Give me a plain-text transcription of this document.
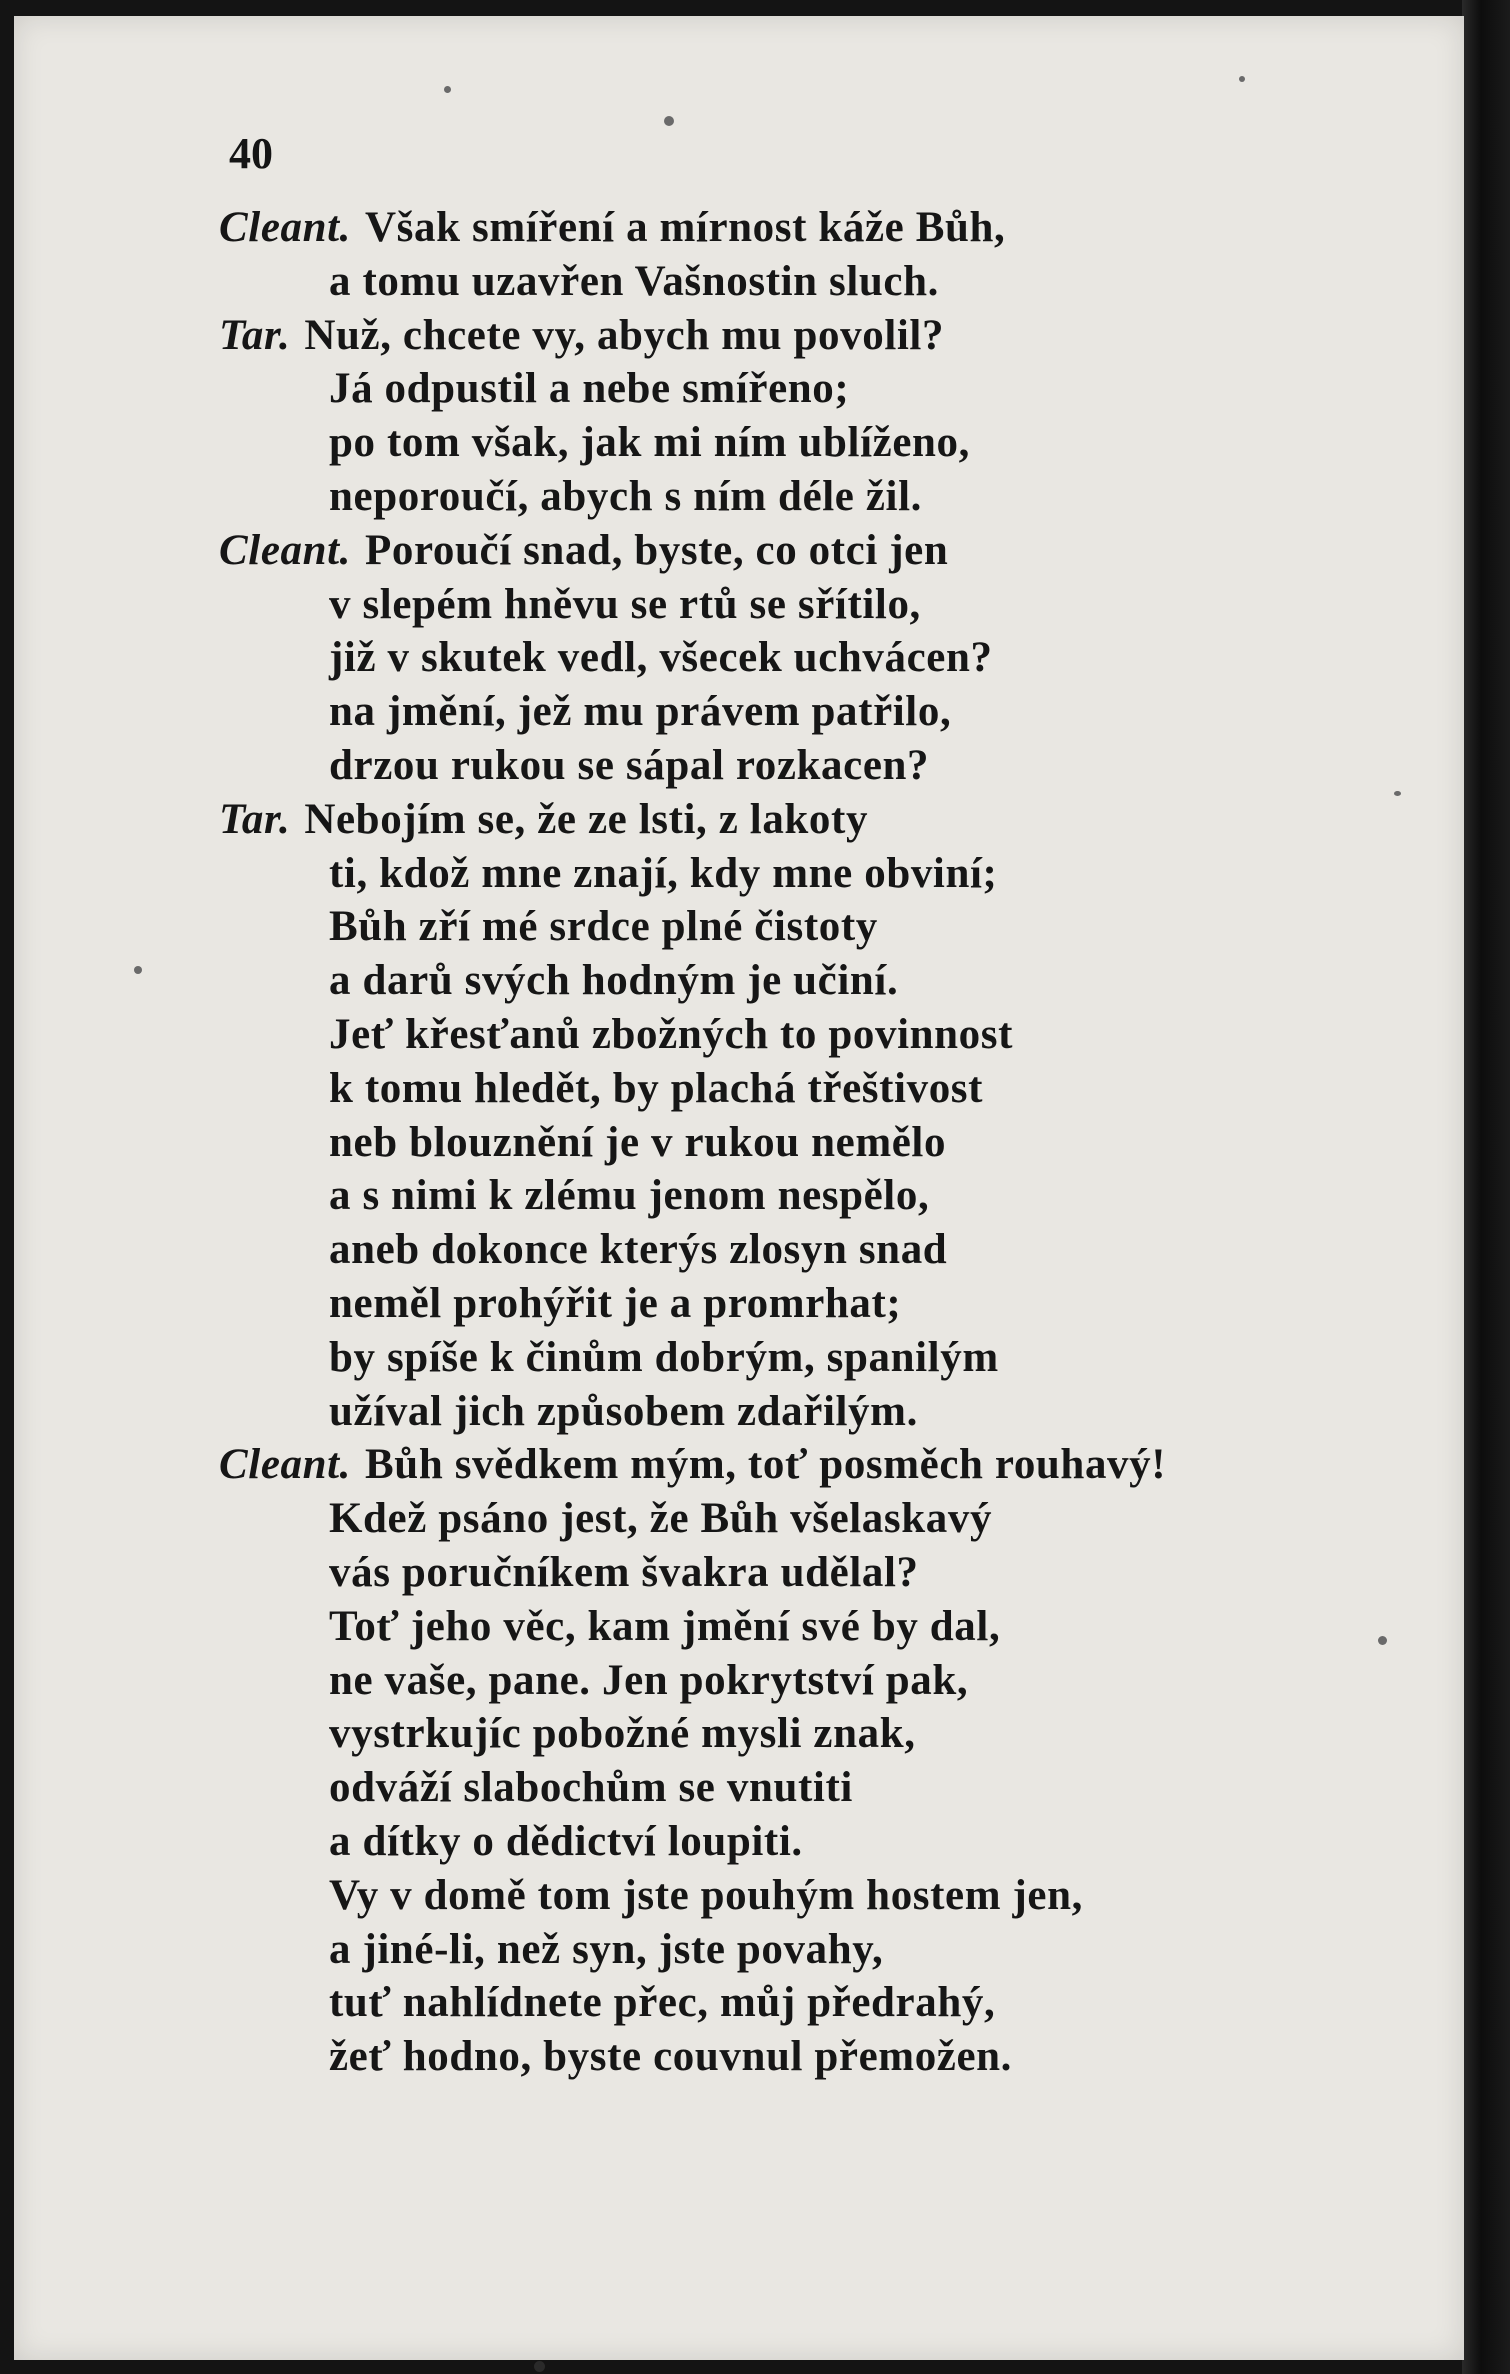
40
Cleant. Však smíření a mírnost káže Bůh,
a tomu uzavřen Vašnostin sluch.
Tar. Nuž, chcete vy, abych mu povolil?
Já odpustil a nebe smířeno;
po tom však, jak mi ním ublíženo,
neporoučí, abych s ním déle žil.
Cleant. Poroučí snad, byste, co otci jen
v slepém hněvu se rtů se sřítilo,
již v skutek vedl, všecek uchvácen?
na jmění, jež mu právem patřilo,
drzou rukou se sápal rozkacen?
Tar. Nebojím se, že ze lsti, z lakoty
ti, kdož mne znají, kdy mne obviní;
Bůh zří mé srdce plné čistoty
a darů svých hodným je učiní.
Jeť křesťanů zbožných to povinnost
k tomu hledět, by plachá třeštivost
neb blouznění je v rukou nemělo
a s nimi k zlému jenom nespělo,
aneb dokonce kterýs zlosyn snad
neměl prohýřit je a promrhat;
by spíše k činům dobrým, spanilým
užíval jich způsobem zdařilým.
Cleant. Bůh svědkem mým, toť posměch rouhavý!
Kdež psáno jest, že Bůh všelaskavý
vás poručníkem švakra udělal?
Toť jeho věc, kam jmění své by dal,
ne vaše, pane. Jen pokrytství pak,
vystrkujíc pobožné mysli znak,
odváží slabochům se vnutiti
a dítky o dědictví loupiti.
Vy v domě tom jste pouhým hostem jen,
a jiné-li, než syn, jste povahy,
tuť nahlídnete přec, můj předrahý,
žeť hodno, byste couvnul přemožen.
